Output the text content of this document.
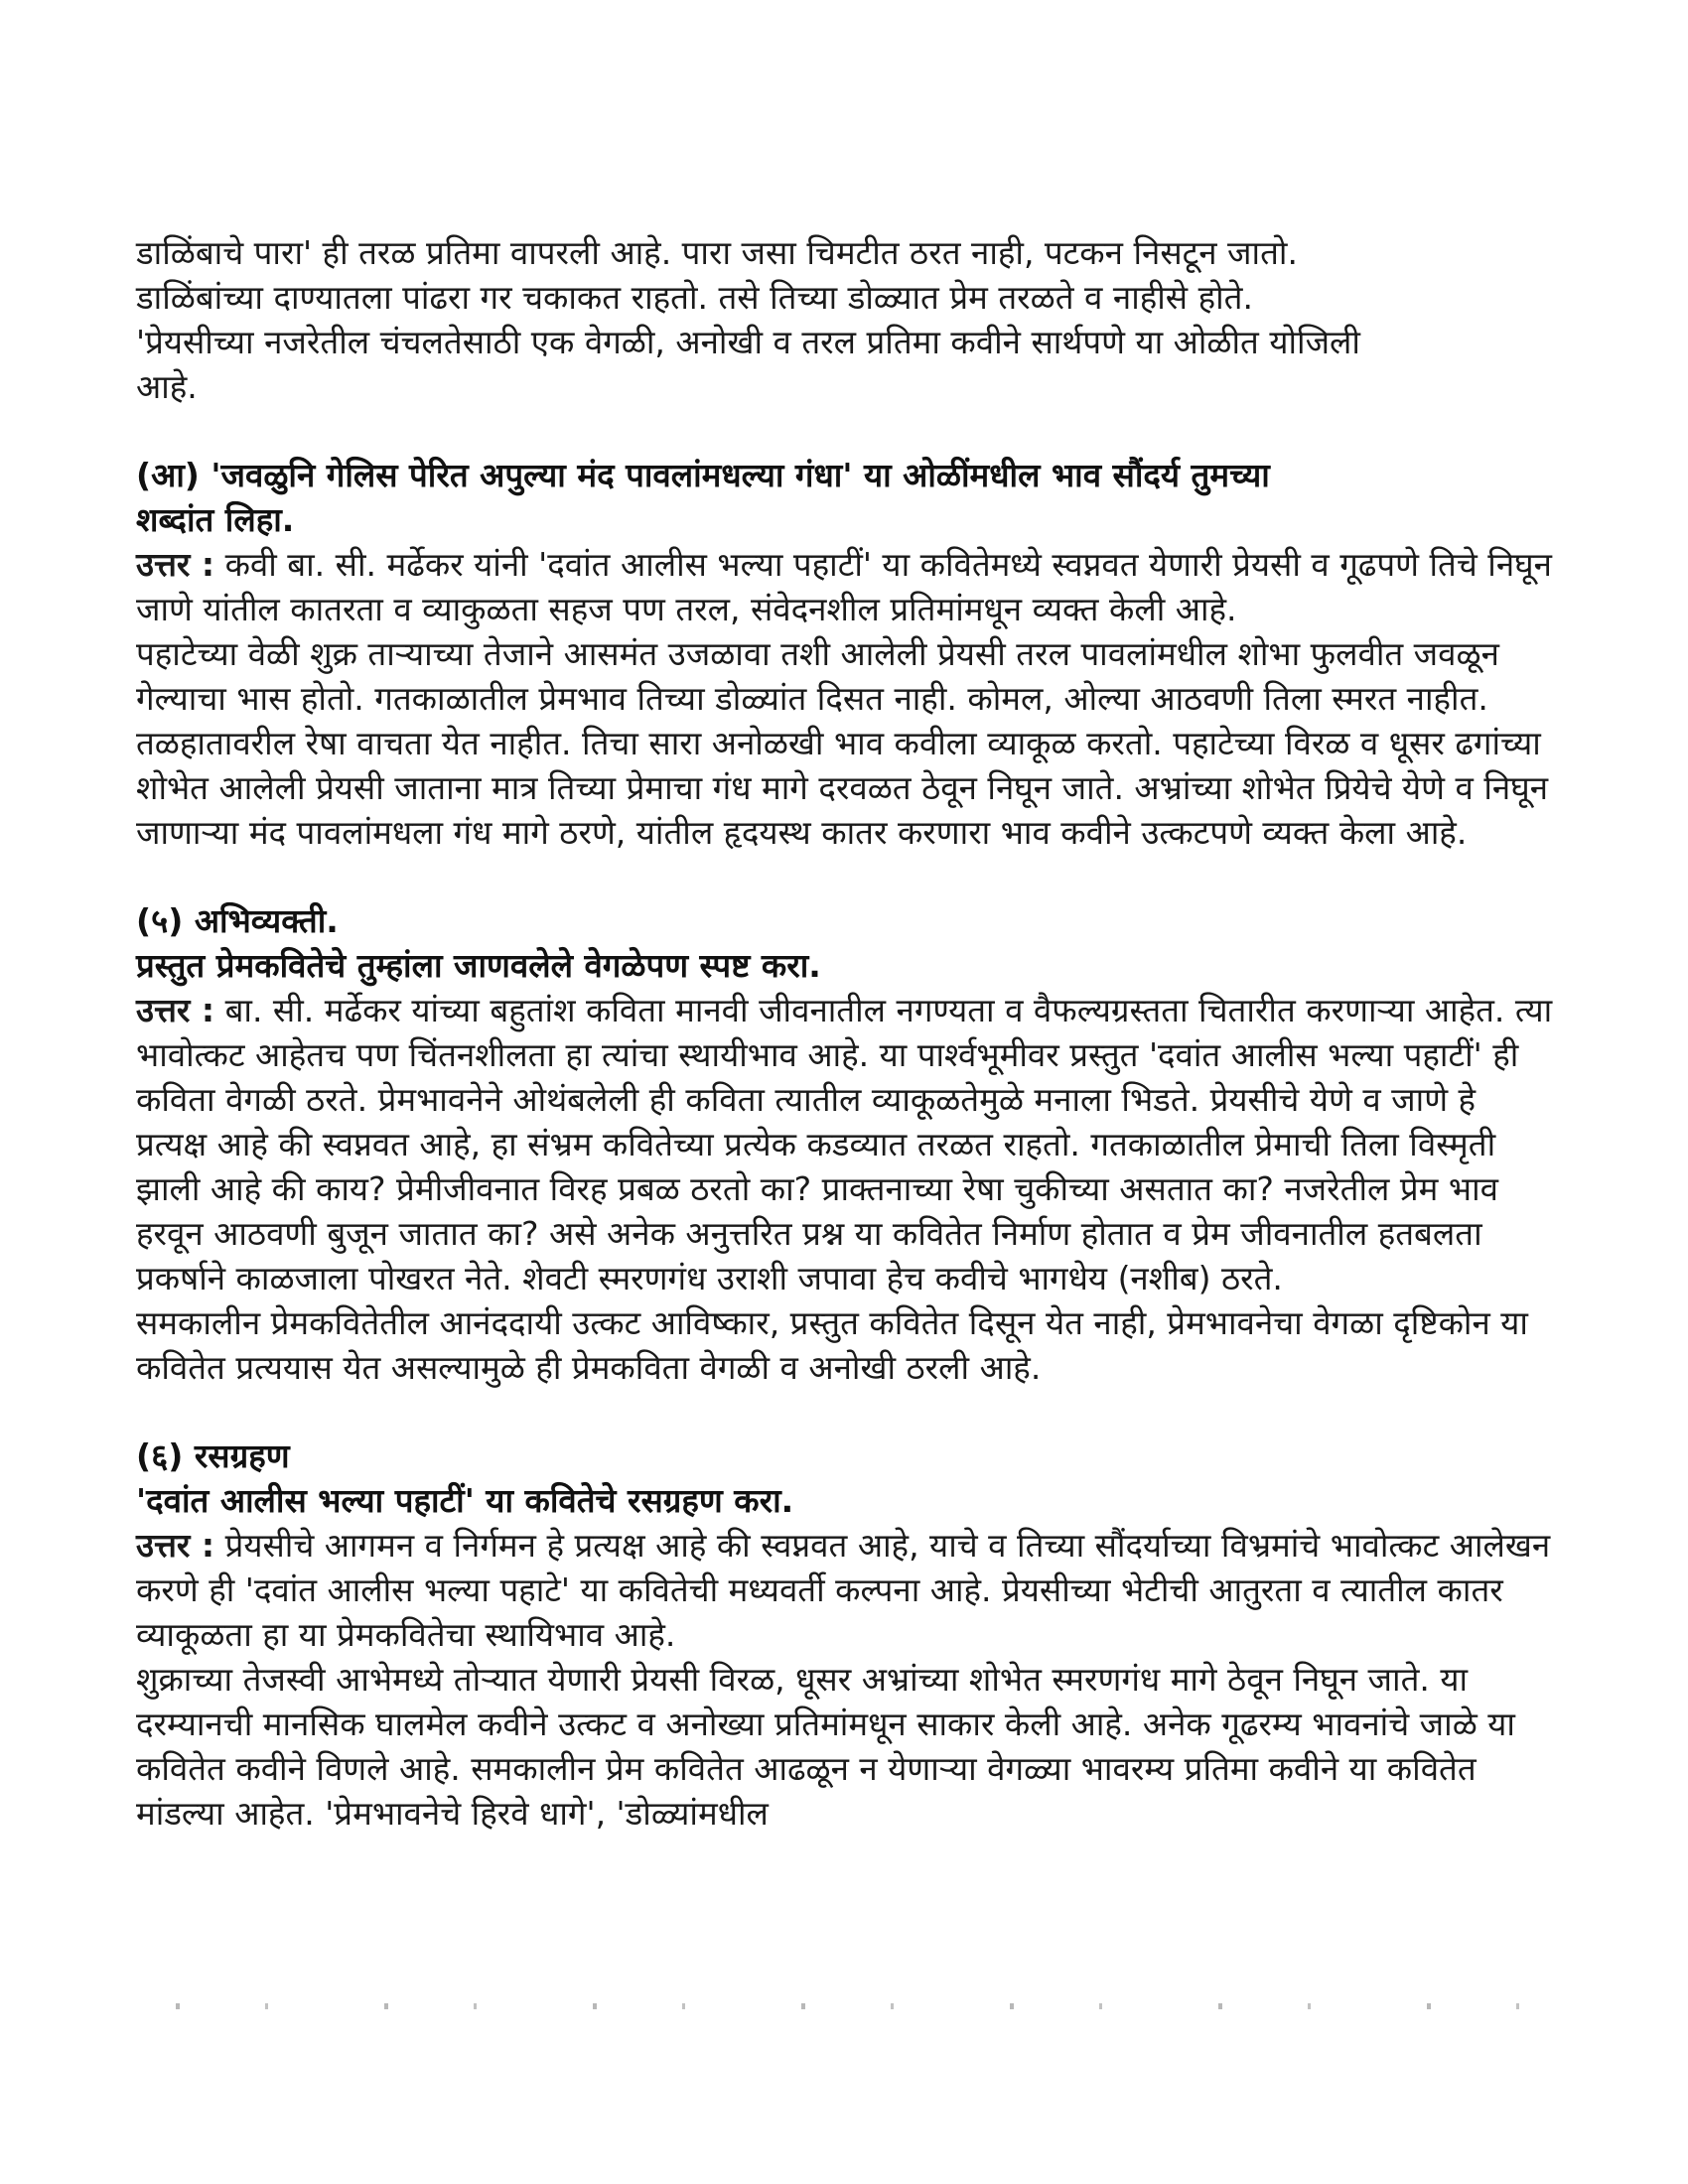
डाळिंबाचे पारा' ही तरळ प्रतिमा वापरली आहे. पारा जसा चिमटीत ठरत नाही, पटकन निसटून जातो.

डाळिंबांच्या दाण्यातला पांढरा गर चकाकत राहतो. तसे तिच्या डोळ्यात प्रेम तरळते व नाहीसे होते.

'प्रेयसीच्या नजरेतील चंचलतेसाठी एक वेगळी, अनोखी व तरल प्रतिमा कवीने सार्थपणे या ओळीत योजिली

आहे.

(आ) 'जवळुनि गेलिस पेरित अपुल्या मंद पावलांमधल्या गंधा' या ओळींमधील भाव सौंदर्य तुमच्या

शब्दांत लिहा.

उत्तर : कवी बा. सी. मर्ढेकर यांनी 'दवांत आलीस भल्या पहाटीं' या कवितेमध्ये स्वप्नवत येणारी प्रेयसी व गूढपणे तिचे निघून जाणे यांतील कातरता व व्याकुळता सहज पण तरल, संवेदनशील प्रतिमांमधून व्यक्त केली आहे.

पहाटेच्या वेळी शुक्र ताऱ्याच्या तेजाने आसमंत उजळावा तशी आलेली प्रेयसी तरल पावलांमधील शोभा फुलवीत जवळून गेल्याचा भास होतो. गतकाळातील प्रेमभाव तिच्या डोळ्यांत दिसत नाही. कोमल, ओल्या आठवणी तिला स्मरत नाहीत. तळहातावरील रेषा वाचता येत नाहीत. तिचा सारा अनोळखी भाव कवीला व्याकूळ करतो. पहाटेच्या विरळ व धूसर ढगांच्या शोभेत आलेली प्रेयसी जाताना मात्र तिच्या प्रेमाचा गंध मागे दरवळत ठेवून निघून जाते. अभ्रांच्या शोभेत प्रियेचे येणे व निघून जाणाऱ्या मंद पावलांमधला गंध मागे ठरणे, यांतील हृदयस्थ कातर करणारा भाव कवीने उत्कटपणे व्यक्त केला आहे.

(५) अभिव्यक्ती.

प्रस्तुत प्रेमकवितेचे तुम्हांला जाणवलेले वेगळेपण स्पष्ट करा.

उत्तर : बा. सी. मर्ढेकर यांच्या बहुतांश कविता मानवी जीवनातील नगण्यता व वैफल्यग्रस्तता चितारीत करणाऱ्या आहेत. त्या भावोत्कट आहेतच पण चिंतनशीलता हा त्यांचा स्थायीभाव आहे. या पार्श्वभूमीवर प्रस्तुत 'दवांत आलीस भल्या पहाटीं' ही कविता वेगळी ठरते. प्रेमभावनेने ओथंबलेली ही कविता त्यातील व्याकूळतेमुळे मनाला भिडते. प्रेयसीचे येणे व जाणे हे प्रत्यक्ष आहे की स्वप्नवत आहे, हा संभ्रम कवितेच्या प्रत्येक कडव्यात तरळत राहतो. गतकाळातील प्रेमाची तिला विस्मृती झाली आहे की काय? प्रेमीजीवनात विरह प्रबळ ठरतो का? प्राक्तनाच्या रेषा चुकीच्या असतात का? नजरेतील प्रेम भाव हरवून आठवणी बुजून जातात का? असे अनेक अनुत्तरित प्रश्न या कवितेत निर्माण होतात व प्रेम जीवनातील हतबलता प्रकर्षाने काळजाला पोखरत नेते. शेवटी स्मरणगंध उराशी जपावा हेच कवीचे भागधेय (नशीब) ठरते.

समकालीन प्रेमकवितेतील आनंददायी उत्कट आविष्कार, प्रस्तुत कवितेत दिसून येत नाही, प्रेमभावनेचा वेगळा दृष्टिकोन या कवितेत प्रत्ययास येत असल्यामुळे ही प्रेमकविता वेगळी व अनोखी ठरली आहे.

(६) रसग्रहण

'दवांत आलीस भल्या पहाटीं' या कवितेचे रसग्रहण करा.

उत्तर : प्रेयसीचे आगमन व निर्गमन हे प्रत्यक्ष आहे की स्वप्नवत आहे, याचे व तिच्या सौंदर्याच्या विभ्रमांचे भावोत्कट आलेखन करणे ही 'दवांत आलीस भल्या पहाटे' या कवितेची मध्यवर्ती कल्पना आहे. प्रेयसीच्या भेटीची आतुरता व त्यातील कातर व्याकूळता हा या प्रेमकवितेचा स्थायिभाव आहे.

शुक्राच्या तेजस्वी आभेमध्ये तोऱ्यात येणारी प्रेयसी विरळ, धूसर अभ्रांच्या शोभेत स्मरणगंध मागे ठेवून निघून जाते. या दरम्यानची मानसिक घालमेल कवीने उत्कट व अनोख्या प्रतिमांमधून साकार केली आहे. अनेक गूढरम्य भावनांचे जाळे या कवितेत कवीने विणले आहे. समकालीन प्रेम कवितेत आढळून न येणाऱ्या वेगळ्या भावरम्य प्रतिमा कवीने या कवितेत मांडल्या आहेत. 'प्रेमभावनेचे हिरवे धागे', 'डोळ्यांमधील
